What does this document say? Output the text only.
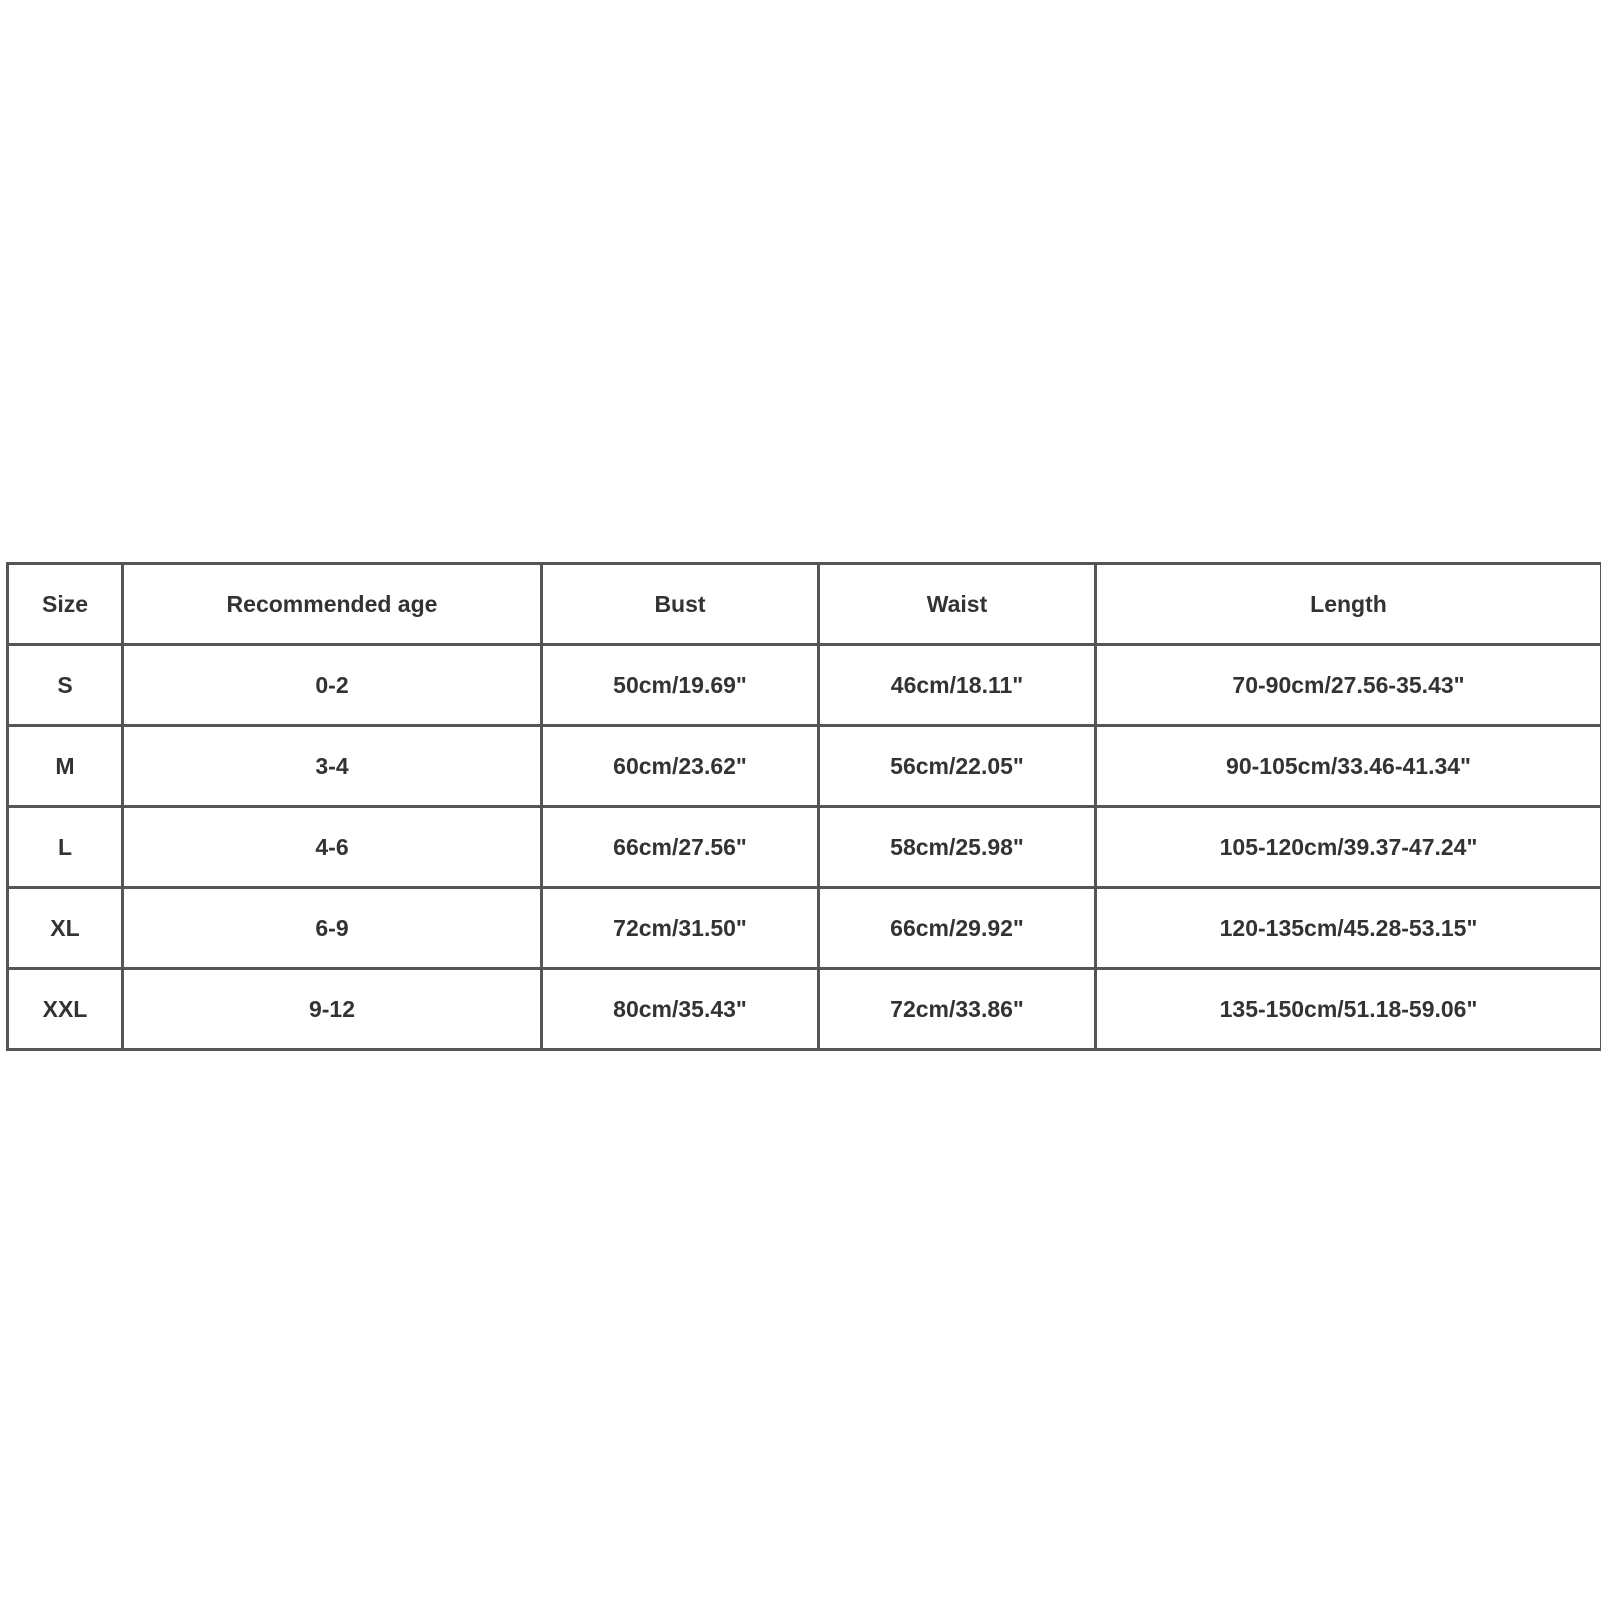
Size	Recommended age	Bust	Waist	Length
S	0-2	50cm/19.69"	46cm/18.11"	70-90cm/27.56-35.43"
M	3-4	60cm/23.62"	56cm/22.05"	90-105cm/33.46-41.34"
L	4-6	66cm/27.56"	58cm/25.98"	105-120cm/39.37-47.24"
XL	6-9	72cm/31.50"	66cm/29.92"	120-135cm/45.28-53.15"
XXL	9-12	80cm/35.43"	72cm/33.86"	135-150cm/51.18-59.06"
